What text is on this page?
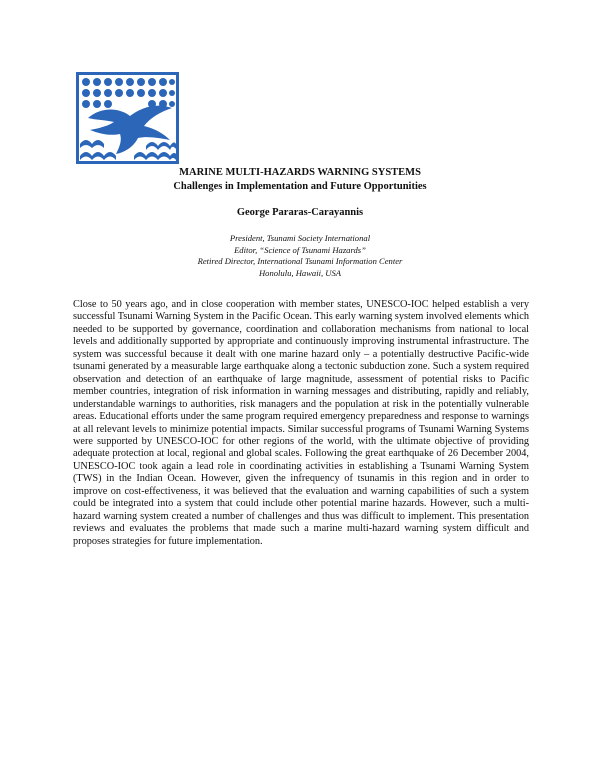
MARINE MULTI-HAZARDS WARNING SYSTEMS
Challenges in Implementation and Future Opportunities
George Pararas-Carayannis
President, Tsunami Society International
Editor, “Science of Tsunami Hazards”
Retired Director, International Tsunami Information Center
Honolulu, Hawaii, USA

Close to 50 years ago, and in close cooperation with member states, UNESCO-IOC helped establish a very successful Tsunami Warning System in the Pacific Ocean. This early warning system involved elements which needed to be supported by governance, coordination and collaboration mechanisms from national to local levels and additionally supported by appropriate and continuously improving instrumental infrastructure. The system was successful because it dealt with one marine hazard only – a potentially destructive Pacific-wide tsunami generated by a measurable large earthquake along a tectonic subduction zone. Such a system required observation and detection of an earthquake of large magnitude, assessment of potential risks to Pacific member countries, integration of risk information in warning messages and distributing, rapidly and reliably, understandable warnings to authorities, risk managers and the population at risk in the potentially vulnerable areas. Educational efforts under the same program required emergency preparedness and response to warnings at all relevant levels to minimize potential impacts. Similar successful programs of Tsunami Warning Systems were supported by UNESCO-IOC for other regions of the world, with the ultimate objective of providing adequate protection at local, regional and global scales. Following the great earthquake of 26 December 2004, UNESCO-IOC took again a lead role in coordinating activities in establishing a Tsunami Warning System (TWS) in the Indian Ocean. However, given the infrequency of tsunamis in this region and in order to improve on cost-effectiveness, it was believed that the evaluation and warning capabilities of such a system could be integrated into a system that could include other potential marine hazards. However, such a multi-hazard warning system created a number of challenges and thus was difficult to implement. This presentation reviews and evaluates the problems that made such a marine multi-hazard warning system difficult and proposes strategies for future implementation.
